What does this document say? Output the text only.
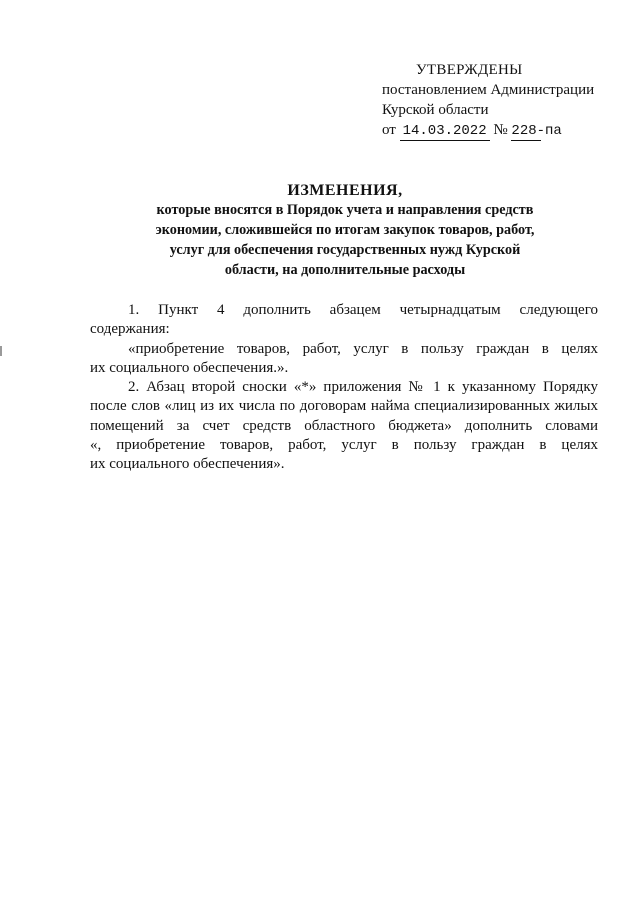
УТВЕРЖДЕНЫ
постановлением Администрации
Курской области
от 14.03.2022 № 228-па
ИЗМЕНЕНИЯ,
которые вносятся в Порядок учета и направления средств
экономии, сложившейся по итогам закупок товаров, работ,
услуг для обеспечения государственных нужд Курской
области, на дополнительные расходы
1. Пункт 4 дополнить абзацем четырнадцатым следующего
содержания:
«приобретение товаров, работ, услуг в пользу граждан в целях
их социального обеспечения.».
2. Абзац второй сноски «*» приложения № 1 к указанному Порядку
после слов «лиц из их числа по договорам найма специализированных жилых
помещений за счет средств областного бюджета» дополнить словами
«, приобретение товаров, работ, услуг в пользу граждан в целях
их социального обеспечения».
